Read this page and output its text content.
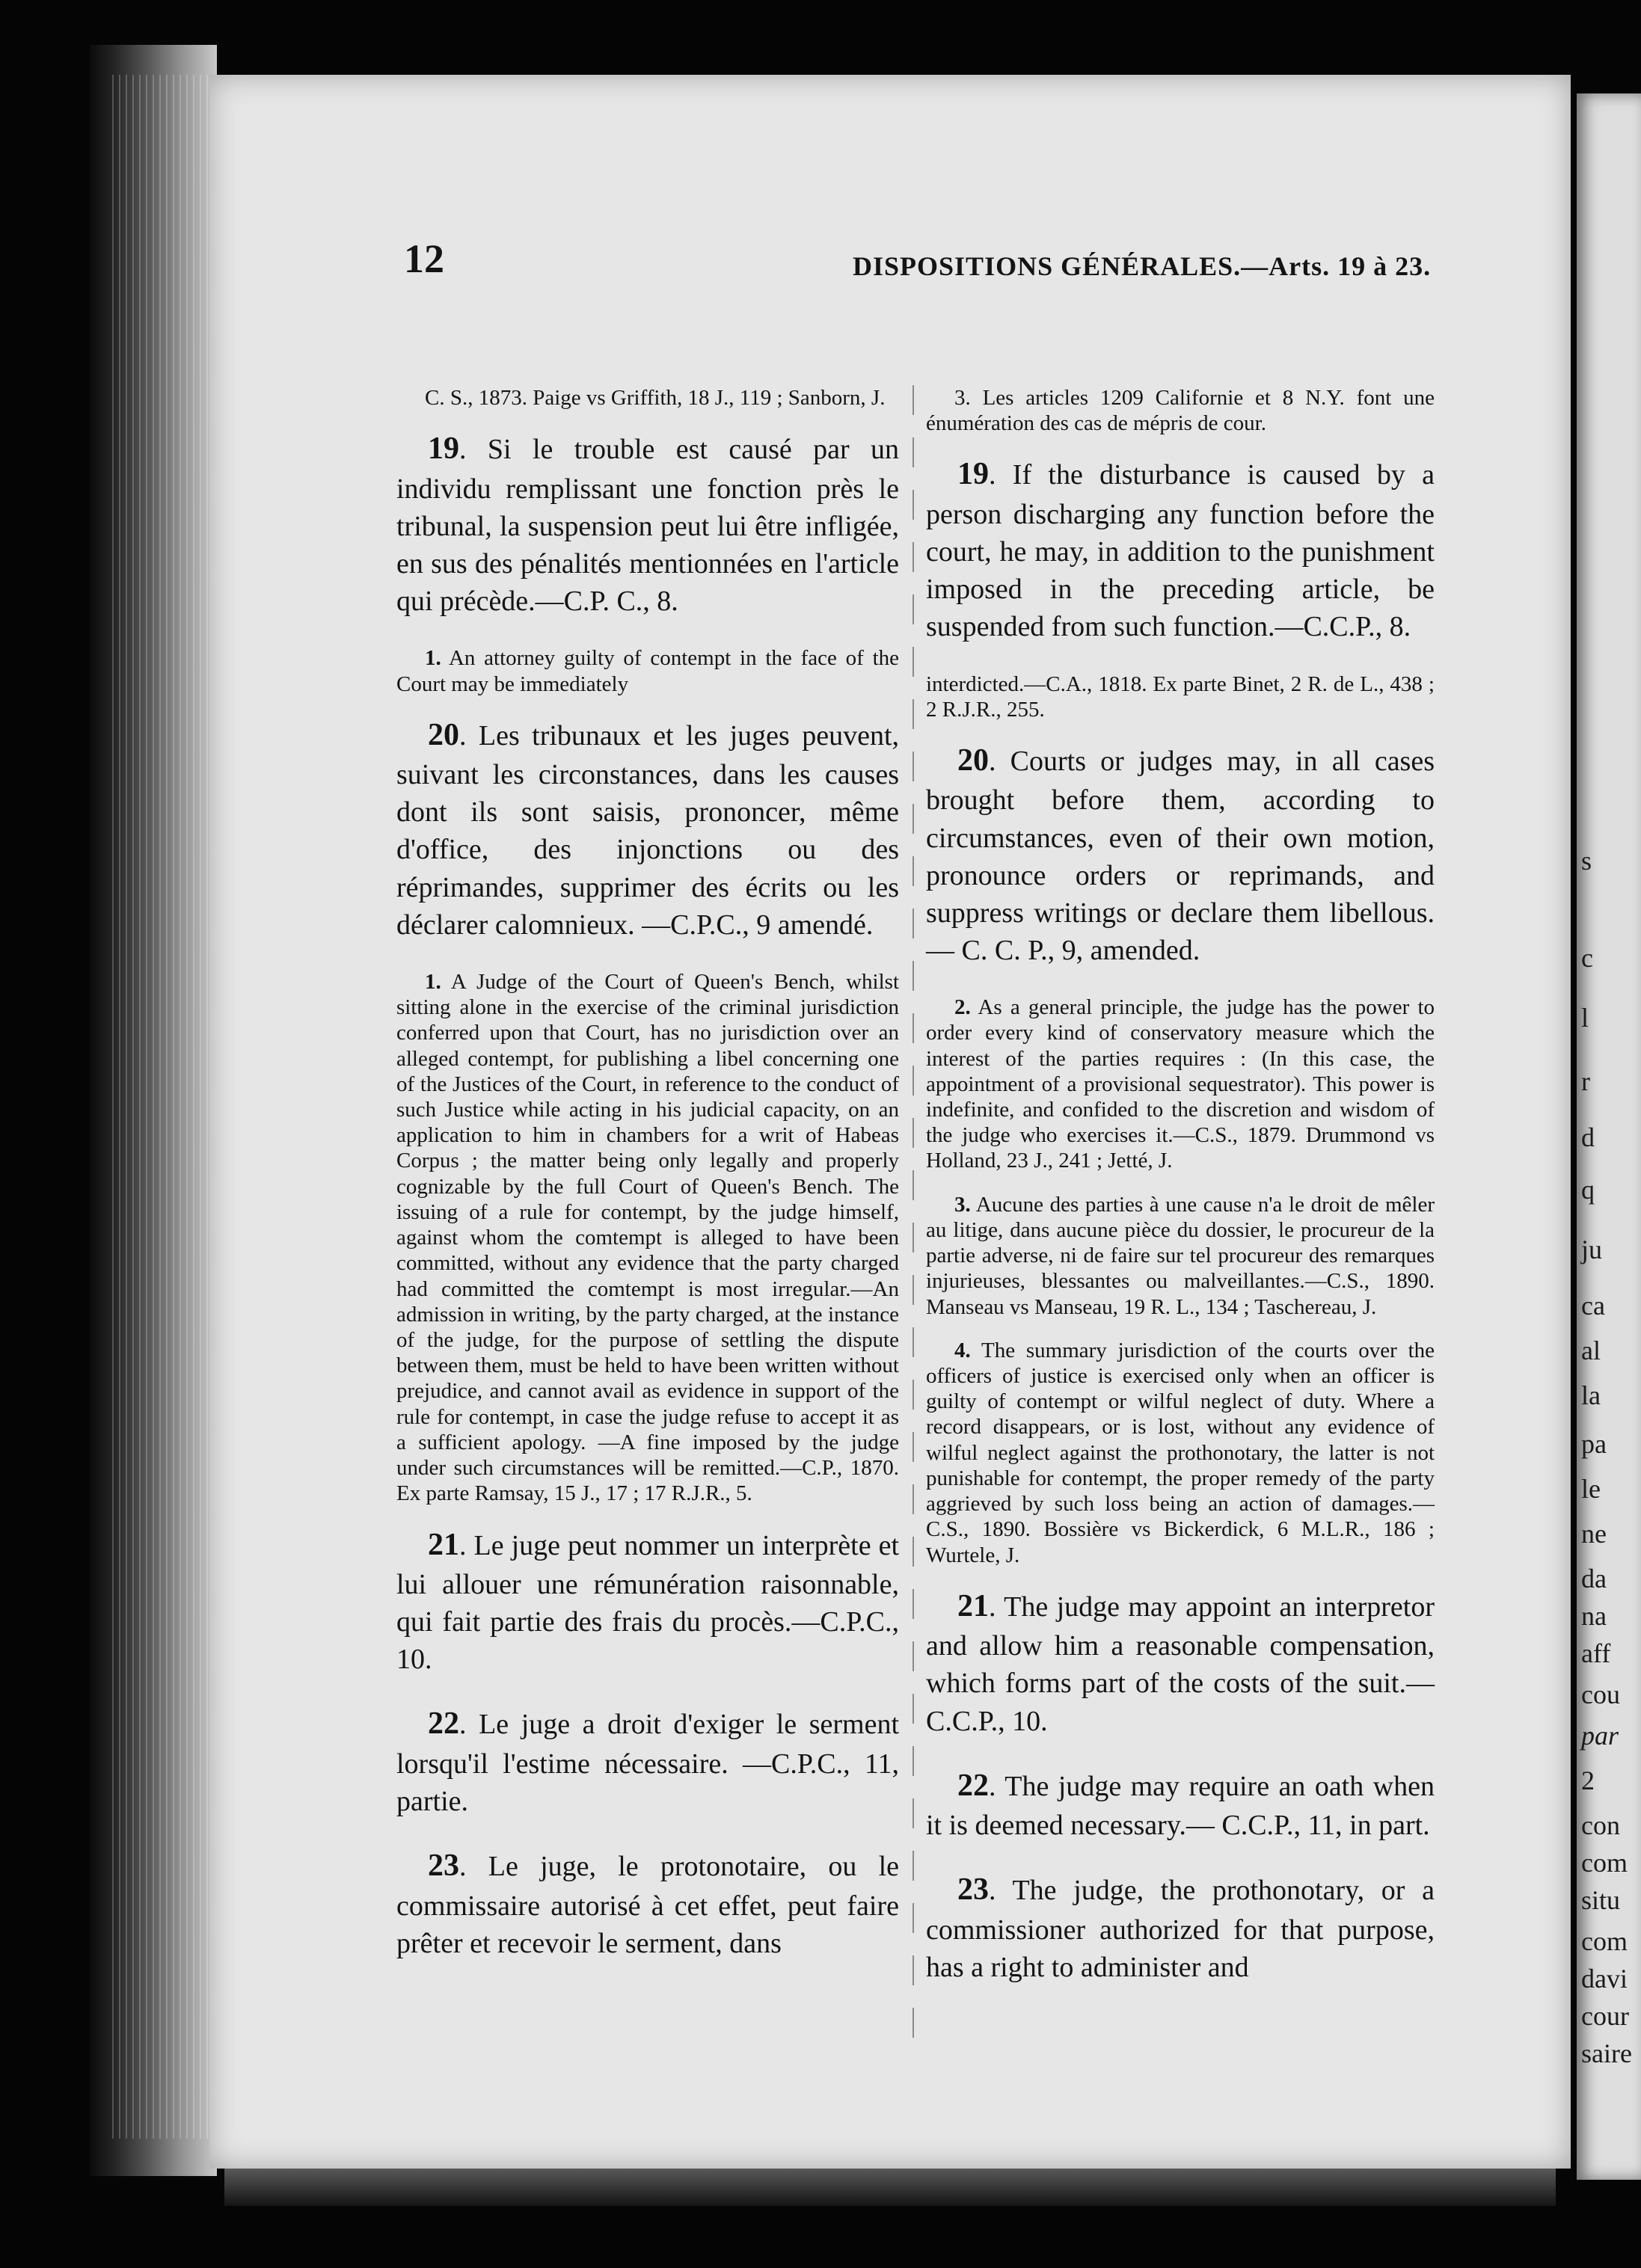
12	DISPOSITIONS GÉNÉRALES.—Arts. 19 à 23.

C. S., 1873. Paige vs Griffith, 18 J., 119 ; Sanborn, J.

19. Si le trouble est causé par un individu remplissant une fonction près le tribunal, la suspension peut lui être infligée, en sus des pénalités mentionnées en l'article qui précède.—C.P. C., 8.

1. An attorney guilty of contempt in the face of the Court may be immediately

20. Les tribunaux et les juges peuvent, suivant les circonstances, dans les causes dont ils sont saisis, prononcer, même d'office, des injonctions ou des réprimandes, supprimer des écrits ou les déclarer calomnieux. —C.P.C., 9 amendé.

1. A Judge of the Court of Queen's Bench, whilst sitting alone in the exercise of the criminal jurisdiction conferred upon that Court, has no jurisdiction over an alleged contempt, for publishing a libel concerning one of the Justices of the Court, in reference to the conduct of such Justice while acting in his judicial capacity, on an application to him in chambers for a writ of Habeas Corpus ; the matter being only legally and properly cognizable by the full Court of Queen's Bench. The issuing of a rule for contempt, by the judge himself, against whom the comtempt is alleged to have been committed, without any evidence that the party charged had committed the comtempt is most irregular.—An admission in writing, by the party charged, at the instance of the judge, for the purpose of settling the dispute between them, must be held to have been written without prejudice, and cannot avail as evidence in support of the rule for contempt, in case the judge refuse to accept it as a sufficient apology. —A fine imposed by the judge under such circumstances will be remitted.—C.P., 1870. Ex parte Ramsay, 15 J., 17 ; 17 R.J.R., 5.

21. Le juge peut nommer un interprète et lui allouer une rémunération raisonnable, qui fait partie des frais du procès.—C.P.C., 10.

22. Le juge a droit d'exiger le serment lorsqu'il l'estime nécessaire. —C.P.C., 11, partie.

23. Le juge, le protonotaire, ou le commissaire autorisé à cet effet, peut faire prêter et recevoir le serment, dans

3. Les articles 1209 Californie et 8 N.Y. font une énumération des cas de mépris de cour.

19. If the disturbance is caused by a person discharging any function before the court, he may, in addition to the punishment imposed in the preceding article, be suspended from such function.—C.C.P., 8.

interdicted.—C.A., 1818. Ex parte Binet, 2 R. de L., 438 ; 2 R.J.R., 255.

20. Courts or judges may, in all cases brought before them, according to circumstances, even of their own motion, pronounce orders or reprimands, and suppress writings or declare them libellous. — C. C. P., 9, amended.

2. As a general principle, the judge has the power to order every kind of conservatory measure which the interest of the parties requires : (In this case, the appointment of a provisional sequestrator). This power is indefinite, and confided to the discretion and wisdom of the judge who exercises it.—C.S., 1879. Drummond vs Holland, 23 J., 241 ; Jetté, J.

3. Aucune des parties à une cause n'a le droit de mêler au litige, dans aucune pièce du dossier, le procureur de la partie adverse, ni de faire sur tel procureur des remarques injurieuses, blessantes ou malveillantes.—C.S., 1890. Manseau vs Manseau, 19 R. L., 134 ; Taschereau, J.

4. The summary jurisdiction of the courts over the officers of justice is exercised only when an officer is guilty of contempt or wilful neglect of duty. Where a record disappears, or is lost, without any evidence of wilful neglect against the prothonotary, the latter is not punishable for contempt, the proper remedy of the party aggrieved by such loss being an action of damages.—C.S., 1890. Bossière vs Bickerdick, 6 M.L.R., 186 ; Wurtele, J.

21. The judge may appoint an interpretor and allow him a reasonable compensation, which forms part of the costs of the suit.—C.C.P., 10.

22. The judge may require an oath when it is deemed necessary.— C.C.P., 11, in part.

23. The judge, the prothonotary, or a commissioner authorized for that purpose, has a right to administer and

s
c
l
r
d
q
ju
ca
al
la
pa
le
ne
da
na
aff
cou
par
2
con
com
situ
com
davi
cour
saire
